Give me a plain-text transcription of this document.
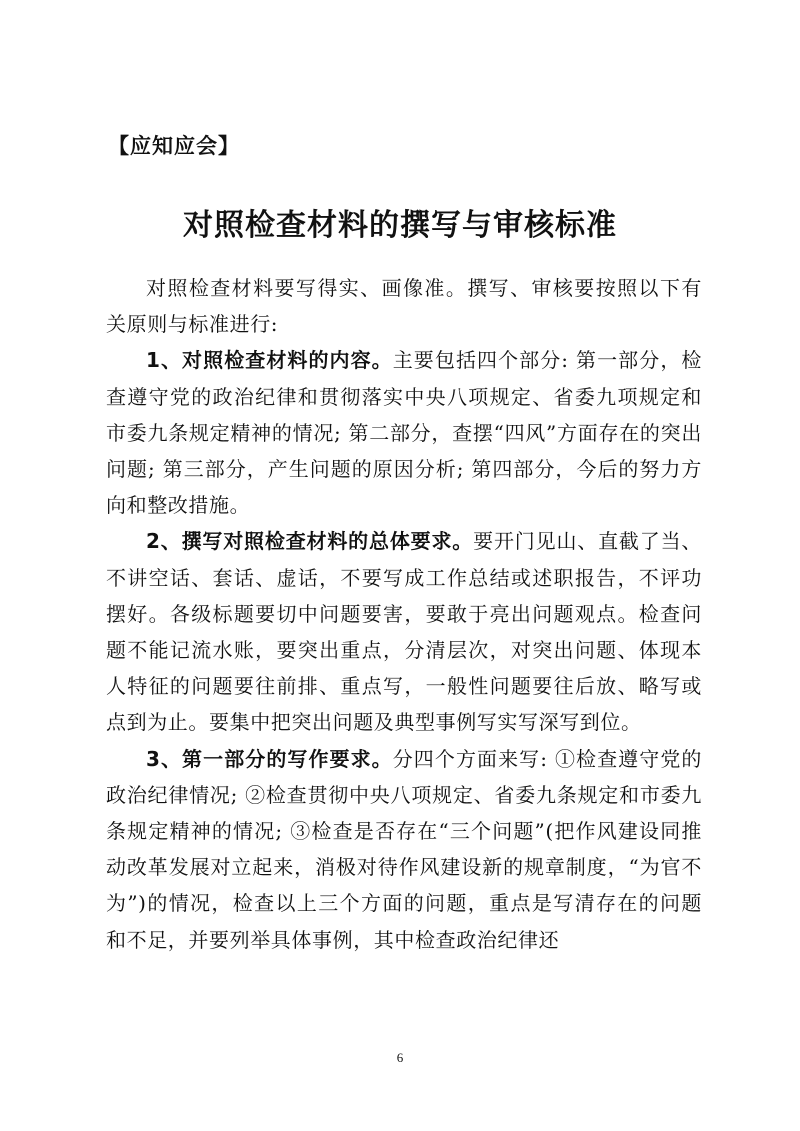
【应知应会】
对照检查材料的撰写与审核标准

对照检查材料要写得实、画像准。撰写、审核要按照以下有关原则与标准进行:

1、对照检查材料的内容。主要包括四个部分: 第一部分，检查遵守党的政治纪律和贯彻落实中央八项规定、省委九项规定和市委九条规定精神的情况; 第二部分，查摆“四风”方面存在的突出问题; 第三部分，产生问题的原因分析; 第四部分，今后的努力方向和整改措施。

2、撰写对照检查材料的总体要求。要开门见山、直截了当、不讲空话、套话、虚话，不要写成工作总结或述职报告，不评功摆好。各级标题要切中问题要害，要敢于亮出问题观点。检查问题不能记流水账，要突出重点，分清层次，对突出问题、体现本人特征的问题要往前排、重点写，一般性问题要往后放、略写或点到为止。要集中把突出问题及典型事例写实写深写到位。

3、第一部分的写作要求。分四个方面来写: ①检查遵守党的政治纪律情况; ②检查贯彻中央八项规定、省委九条规定和市委九条规定精神的情况; ③检查是否存在“三个问题”(把作风建设同推动改革发展对立起来，消极对待作风建设新的规章制度，“为官不为”)的情况，检查以上三个方面的问题，重点是写清存在的问题和不足，并要列举具体事例，其中检查政治纪律还

6
